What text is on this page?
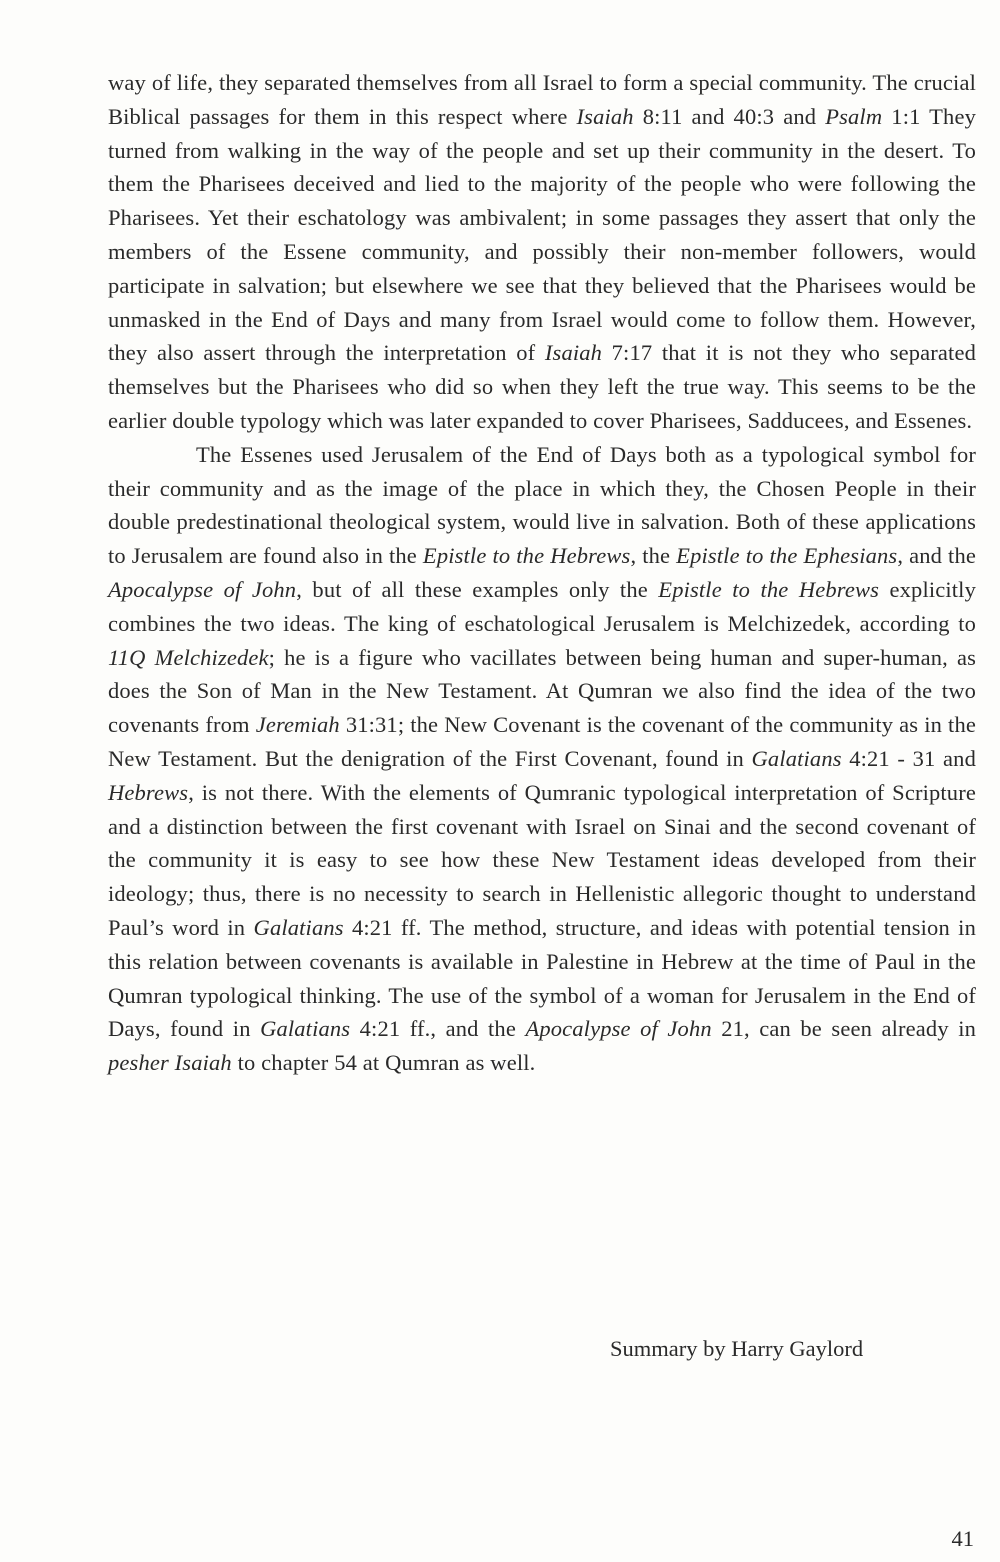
way of life, they separated themselves from all Israel to form a special community. The crucial Biblical passages for them in this respect where Isaiah 8:11 and 40:3 and Psalm 1:1 They turned from walking in the way of the people and set up their community in the desert. To them the Pharisees deceived and lied to the majority of the people who were following the Pharisees. Yet their eschatology was ambivalent; in some passages they assert that only the members of the Essene community, and possibly their non-member followers, would participate in salvation; but elsewhere we see that they believed that the Pharisees would be unmasked in the End of Days and many from Israel would come to follow them. However, they also assert through the interpretation of Isaiah 7:17 that it is not they who separated themselves but the Pharisees who did so when they left the true way. This seems to be the earlier double typology which was later expanded to cover Pharisees, Sadducees, and Essenes.

The Essenes used Jerusalem of the End of Days both as a typological symbol for their community and as the image of the place in which they, the Chosen People in their double predestinational theological system, would live in salvation. Both of these applications to Jerusalem are found also in the Epistle to the Hebrews, the Epistle to the Ephesians, and the Apocalypse of John, but of all these examples only the Epistle to the Hebrews explicitly combines the two ideas. The king of eschatological Jerusalem is Melchizedek, according to 11Q Melchizedek; he is a figure who vacillates between being human and super-human, as does the Son of Man in the New Testament. At Qumran we also find the idea of the two covenants from Jeremiah 31:31; the New Covenant is the covenant of the community as in the New Testament. But the denigration of the First Covenant, found in Galatians 4:21 - 31 and Hebrews, is not there. With the elements of Qumranic typological interpretation of Scripture and a distinction between the first covenant with Israel on Sinai and the second covenant of the community it is easy to see how these New Testament ideas developed from their ideology; thus, there is no necessity to search in Hellenistic allegoric thought to understand Paul’s word in Galatians 4:21 ff. The method, structure, and ideas with potential tension in this relation between covenants is available in Palestine in Hebrew at the time of Paul in the Qumran typological thinking. The use of the symbol of a woman for Jerusalem in the End of Days, found in Galatians 4:21 ff., and the Apocalypse of John 21, can be seen already in pesher Isaiah to chapter 54 at Qumran as well.

Summary by Harry Gaylord
41
